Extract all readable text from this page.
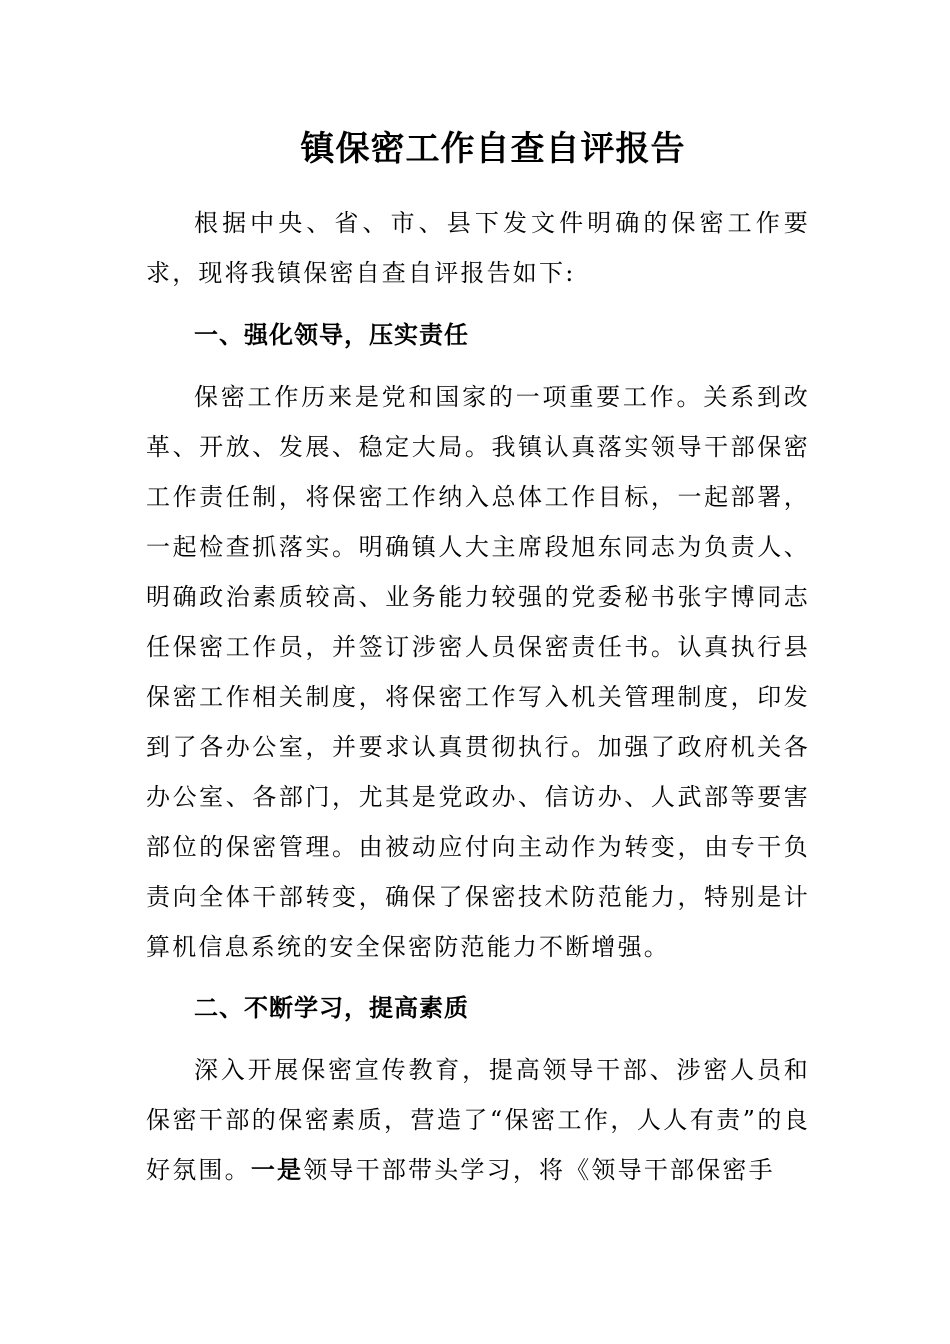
镇保密工作自查自评报告

根据中央、省、市、县下发文件明确的保密工作要求，现将我镇保密自查自评报告如下:

一、强化领导，压实责任

保密工作历来是党和国家的一项重要工作。关系到改革、开放、发展、稳定大局。我镇认真落实领导干部保密工作责任制，将保密工作纳入总体工作目标，一起部署，一起检查抓落实。明确镇人大主席段旭东同志为负责人、明确政治素质较高、业务能力较强的党委秘书张宇博同志任保密工作员，并签订涉密人员保密责任书。认真执行县保密工作相关制度，将保密工作写入机关管理制度，印发到了各办公室，并要求认真贯彻执行。加强了政府机关各办公室、各部门，尤其是党政办、信访办、人武部等要害部位的保密管理。由被动应付向主动作为转变，由专干负责向全体干部转变，确保了保密技术防范能力，特别是计算机信息系统的安全保密防范能力不断增强。

二、不断学习，提高素质

深入开展保密宣传教育，提高领导干部、涉密人员和保密干部的保密素质，营造了“保密工作，人人有责”的良好氛围。一是领导干部带头学习，将《领导干部保密手
